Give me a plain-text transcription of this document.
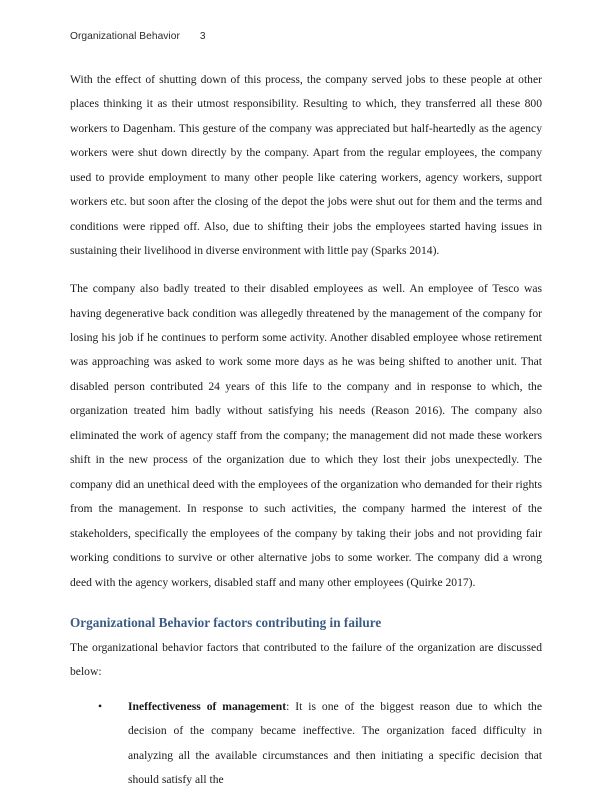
Organizational Behavior 3

With the effect of shutting down of this process, the company served jobs to these people at other places thinking it as their utmost responsibility. Resulting to which, they transferred all these 800 workers to Dagenham. This gesture of the company was appreciated but half-heartedly as the agency workers were shut down directly by the company. Apart from the regular employees, the company used to provide employment to many other people like catering workers, agency workers, support workers etc. but soon after the closing of the depot the jobs were shut out for them and the terms and conditions were ripped off. Also, due to shifting their jobs the employees started having issues in sustaining their livelihood in diverse environment with little pay (Sparks 2014).

The company also badly treated to their disabled employees as well. An employee of Tesco was having degenerative back condition was allegedly threatened by the management of the company for losing his job if he continues to perform some activity. Another disabled employee whose retirement was approaching was asked to work some more days as he was being shifted to another unit. That disabled person contributed 24 years of this life to the company and in response to which, the organization treated him badly without satisfying his needs (Reason 2016). The company also eliminated the work of agency staff from the company; the management did not made these workers shift in the new process of the organization due to which they lost their jobs unexpectedly. The company did an unethical deed with the employees of the organization who demanded for their rights from the management. In response to such activities, the company harmed the interest of the stakeholders, specifically the employees of the company by taking their jobs and not providing fair working conditions to survive or other alternative jobs to some worker. The company did a wrong deed with the agency workers, disabled staff and many other employees (Quirke 2017).

Organizational Behavior factors contributing in failure

The organizational behavior factors that contributed to the failure of the organization are discussed below:

• Ineffectiveness of management: It is one of the biggest reason due to which the decision of the company became ineffective. The organization faced difficulty in analyzing all the available circumstances and then initiating a specific decision that should satisfy all the
